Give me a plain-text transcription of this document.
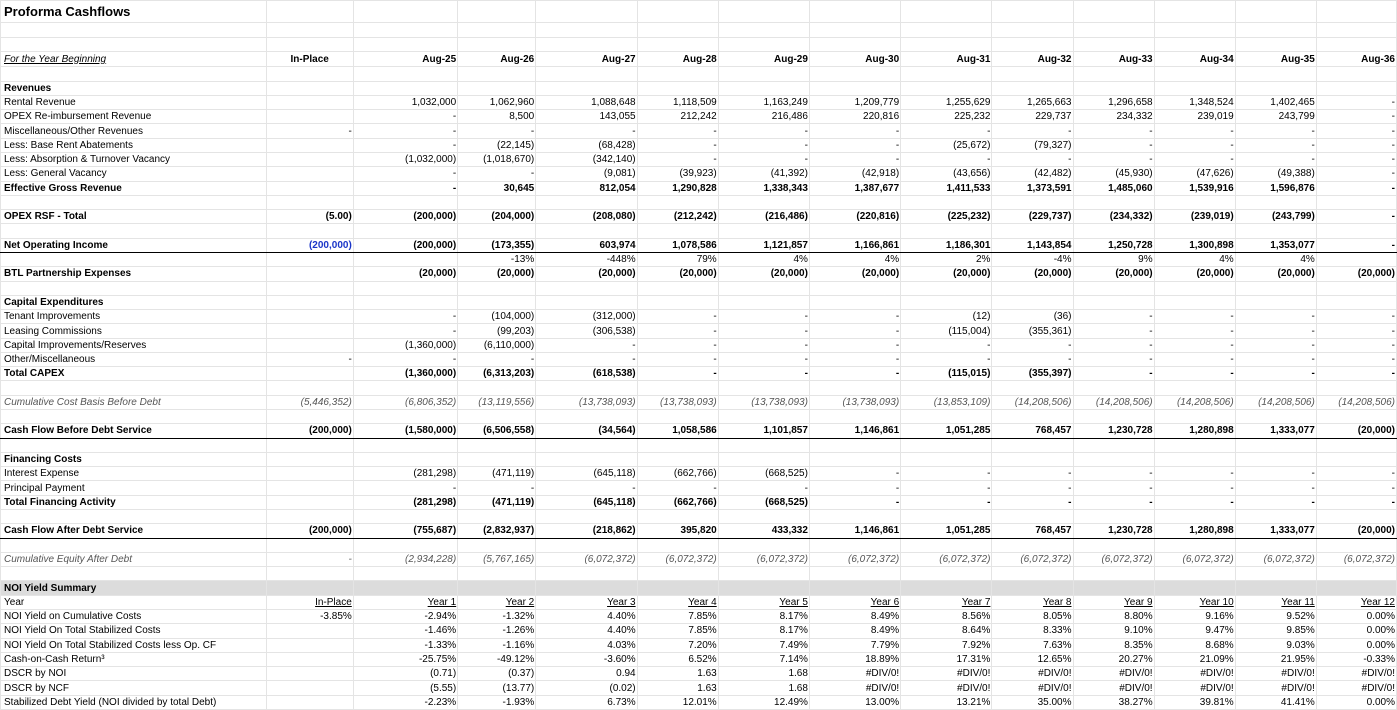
Proforma Cashflows													

For the Year Beginning	In-Place	Aug-25	Aug-26	Aug-27	Aug-28	Aug-29	Aug-30	Aug-31	Aug-32	Aug-33	Aug-34	Aug-35	Aug-36

Revenues													
Rental Revenue		1,032,000	1,062,960	1,088,648	1,118,509	1,163,249	1,209,779	1,255,629	1,265,663	1,296,658	1,348,524	1,402,465	-
OPEX Re-imbursement Revenue		-	8,500	143,055	212,242	216,486	220,816	225,232	229,737	234,332	239,019	243,799	-
Miscellaneous/Other Revenues	-	-	-	-	-	-	-	-	-	-	-	-	-
Less: Base Rent Abatements		-	(22,145)	(68,428)	-	-	-	(25,672)	(79,327)	-	-	-	-
Less: Absorption & Turnover Vacancy		(1,032,000)	(1,018,670)	(342,140)	-	-	-	-	-	-	-	-	-
Less: General Vacancy		-	-	(9,081)	(39,923)	(41,392)	(42,918)	(43,656)	(42,482)	(45,930)	(47,626)	(49,388)	-
Effective Gross Revenue		-	30,645	812,054	1,290,828	1,338,343	1,387,677	1,411,533	1,373,591	1,485,060	1,539,916	1,596,876	-

OPEX RSF - Total	(5.00)	(200,000)	(204,000)	(208,080)	(212,242)	(216,486)	(220,816)	(225,232)	(229,737)	(234,332)	(239,019)	(243,799)	-

Net Operating Income	(200,000)	(200,000)	(173,355)	603,974	1,078,586	1,121,857	1,166,861	1,186,301	1,143,854	1,250,728	1,300,898	1,353,077	-
			-13%	-448%	79%	4%	4%	2%	-4%	9%	4%	4%	
BTL Partnership Expenses		(20,000)	(20,000)	(20,000)	(20,000)	(20,000)	(20,000)	(20,000)	(20,000)	(20,000)	(20,000)	(20,000)	(20,000)

Capital Expenditures													
Tenant Improvements		-	(104,000)	(312,000)	-	-	-	(12)	(36)	-	-	-	-
Leasing Commissions		-	(99,203)	(306,538)	-	-	-	(115,004)	(355,361)	-	-	-	-
Capital Improvements/Reserves		(1,360,000)	(6,110,000)	-	-	-	-	-	-	-	-	-	-
Other/Miscellaneous	-	-	-	-	-	-	-	-	-	-	-	-	-
Total CAPEX		(1,360,000)	(6,313,203)	(618,538)	-	-	-	(115,015)	(355,397)	-	-	-	-

Cumulative Cost Basis Before Debt	(5,446,352)	(6,806,352)	(13,119,556)	(13,738,093)	(13,738,093)	(13,738,093)	(13,738,093)	(13,853,109)	(14,208,506)	(14,208,506)	(14,208,506)	(14,208,506)	(14,208,506)

Cash Flow Before Debt Service	(200,000)	(1,580,000)	(6,506,558)	(34,564)	1,058,586	1,101,857	1,146,861	1,051,285	768,457	1,230,728	1,280,898	1,333,077	(20,000)

Financing Costs													
Interest Expense		(281,298)	(471,119)	(645,118)	(662,766)	(668,525)	-	-	-	-	-	-	-
Principal Payment		-	-	-	-	-	-	-	-	-	-	-	-
Total Financing Activity		(281,298)	(471,119)	(645,118)	(662,766)	(668,525)	-	-	-	-	-	-	-

Cash Flow After Debt Service	(200,000)	(755,687)	(2,832,937)	(218,862)	395,820	433,332	1,146,861	1,051,285	768,457	1,230,728	1,280,898	1,333,077	(20,000)

Cumulative Equity After Debt	-	(2,934,228)	(5,767,165)	(6,072,372)	(6,072,372)	(6,072,372)	(6,072,372)	(6,072,372)	(6,072,372)	(6,072,372)	(6,072,372)	(6,072,372)	(6,072,372)

NOI Yield Summary													
Year	In-Place	Year 1	Year 2	Year 3	Year 4	Year 5	Year 6	Year 7	Year 8	Year 9	Year 10	Year 11	Year 12
NOI Yield on Cumulative Costs	-3.85%	-2.94%	-1.32%	4.40%	7.85%	8.17%	8.49%	8.56%	8.05%	8.80%	9.16%	9.52%	0.00%
NOI Yield On Total Stabilized Costs		-1.46%	-1.26%	4.40%	7.85%	8.17%	8.49%	8.64%	8.33%	9.10%	9.47%	9.85%	0.00%
NOI Yield On Total Stabilized Costs less Op. CF		-1.33%	-1.16%	4.03%	7.20%	7.49%	7.79%	7.92%	7.63%	8.35%	8.68%	9.03%	0.00%
Cash-on-Cash Return³		-25.75%	-49.12%	-3.60%	6.52%	7.14%	18.89%	17.31%	12.65%	20.27%	21.09%	21.95%	-0.33%
DSCR by NOI		(0.71)	(0.37)	0.94	1.63	1.68	#DIV/0!	#DIV/0!	#DIV/0!	#DIV/0!	#DIV/0!	#DIV/0!	#DIV/0!
DSCR by NCF		(5.55)	(13.77)	(0.02)	1.63	1.68	#DIV/0!	#DIV/0!	#DIV/0!	#DIV/0!	#DIV/0!	#DIV/0!	#DIV/0!
Stabilized Debt Yield (NOI divided by total Debt)		-2.23%	-1.93%	6.73%	12.01%	12.49%	13.00%	13.21%	35.00%	38.27%	39.81%	41.41%	0.00%
